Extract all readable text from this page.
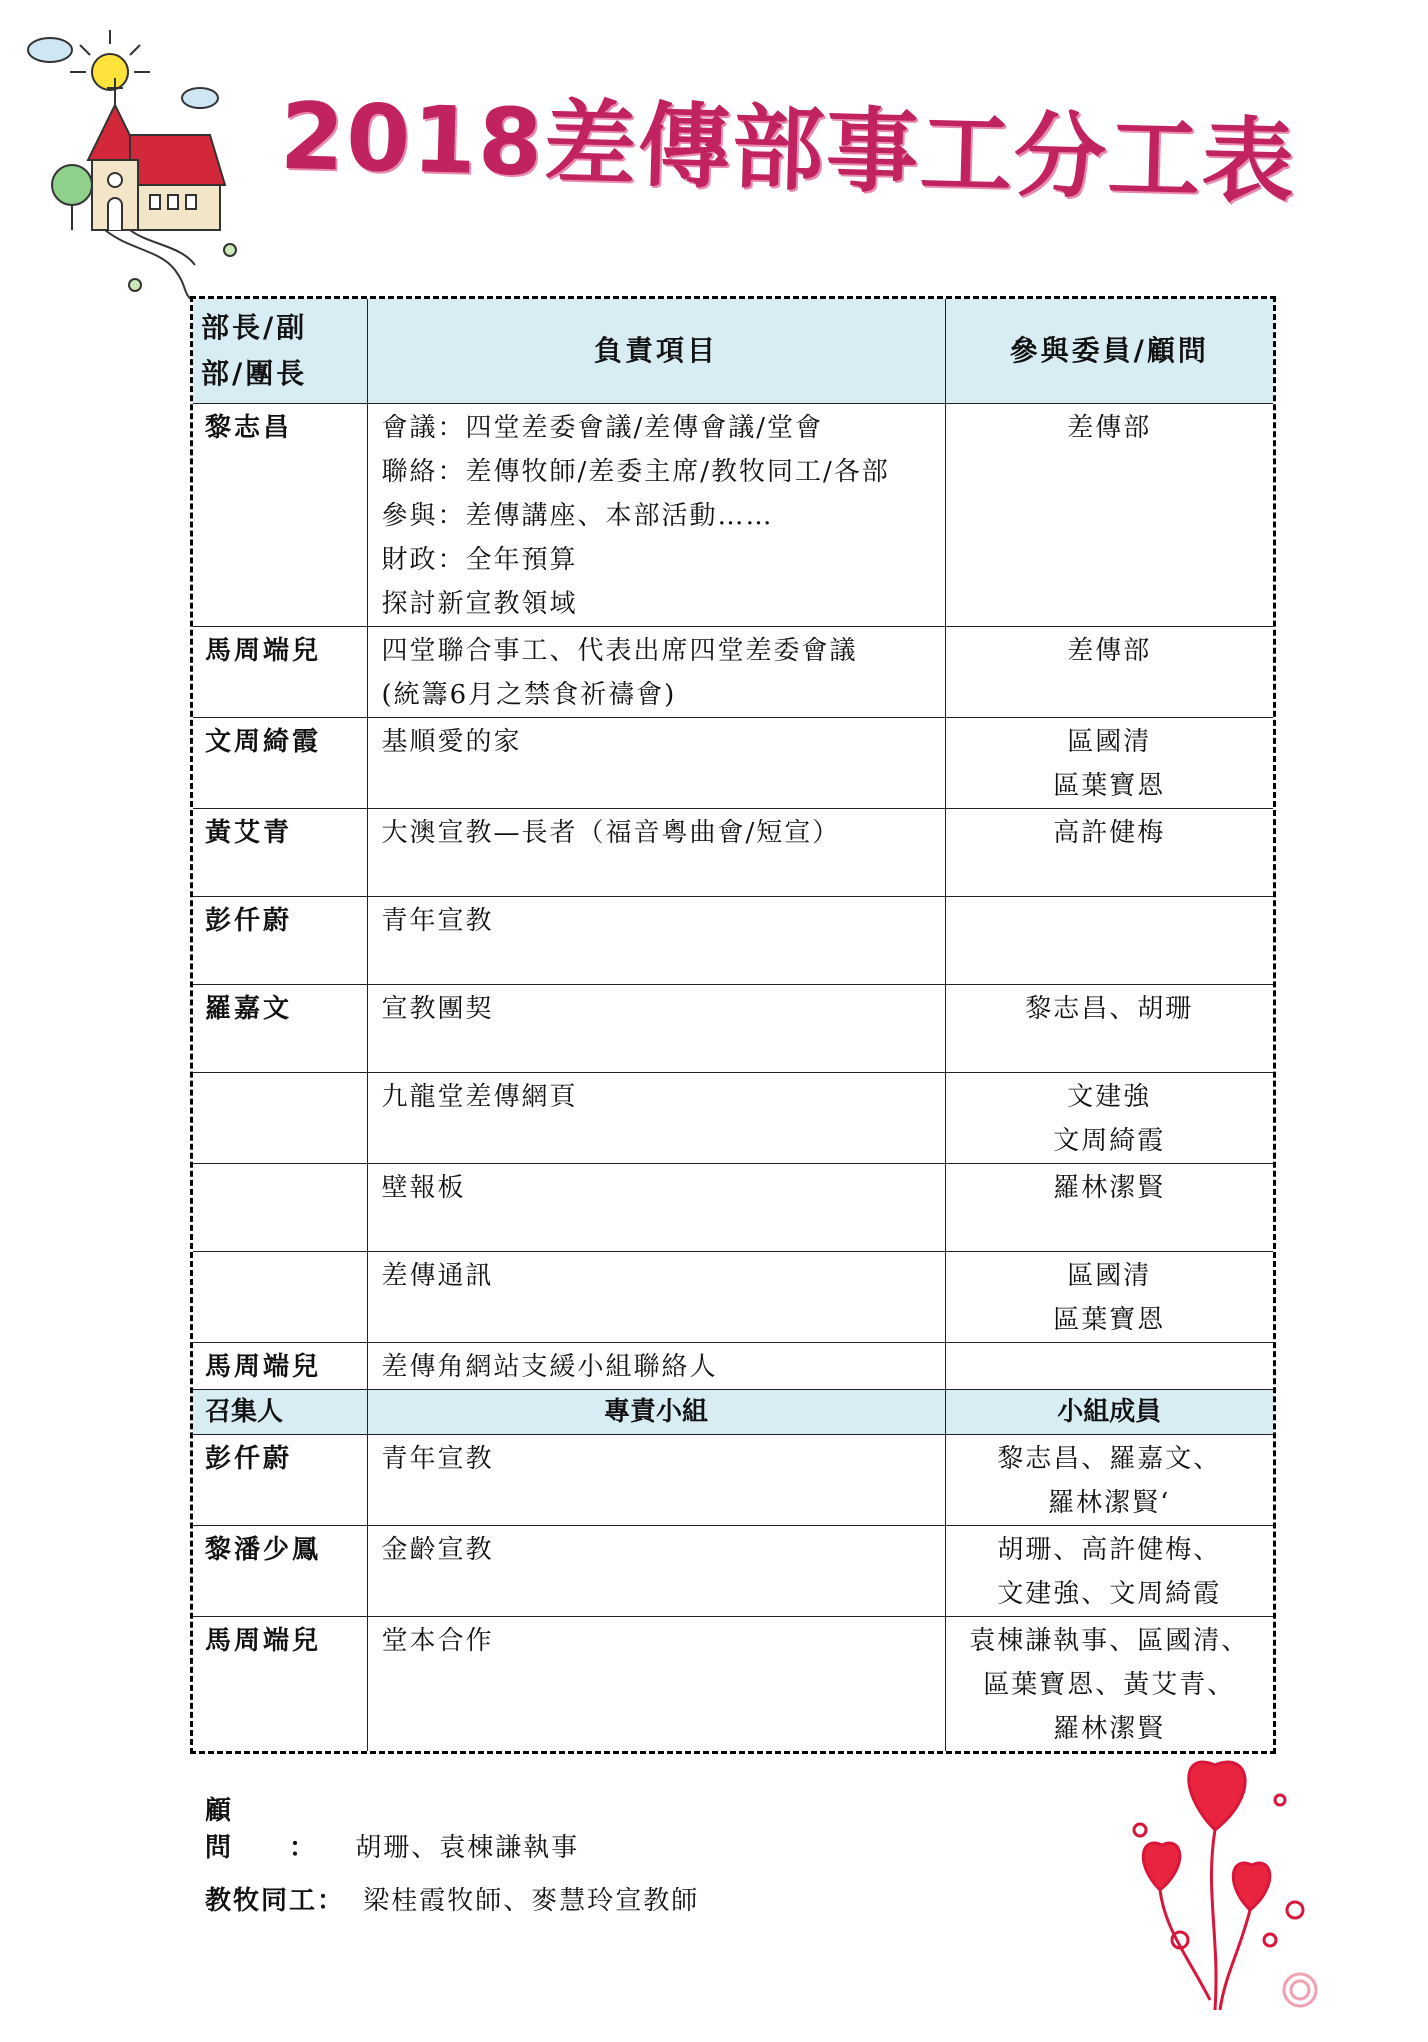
2018差傳部事工分工表
部長/副
部/團長	負責項目	參與委員/顧問
黎志昌	會議：四堂差委會議/差傳會議/堂會
聯絡：差傳牧師/差委主席/教牧同工/各部
參與：差傳講座、本部活動……
財政：全年預算
探討新宣教領域	差傳部

馬周端兒	四堂聯合事工、代表出席四堂差委會議
(統籌6月之禁食祈禱會)	差傳部

文周綺霞	基順愛的家	區國清
區葉寶恩

黃艾青	大澳宣教—長者（福音粵曲會/短宣）	高許健梅

彭仟蔚	青年宣教	

羅嘉文	宣教團契	黎志昌、胡珊

	九龍堂差傳網頁	文建強
文周綺霞

	壁報板	羅林潔賢

	差傳通訊	區國清
區葉寶恩

馬周端兒	差傳角網站支緩小組聯絡人	

召集人	專責小組	小組成員
彭仟蔚	青年宣教	黎志昌、羅嘉文、
羅林潔賢‘

黎潘少鳳	金齡宣教	胡珊、高許健梅、
文建強、文周綺霞

馬周端兒	堂本合作	袁棟謙執事、區國清、
區葉寶恩、黃艾青、
羅林潔賢
顧問： 胡珊、袁棟謙執事
教牧同工： 梁桂霞牧師、麥慧玲宣教師
